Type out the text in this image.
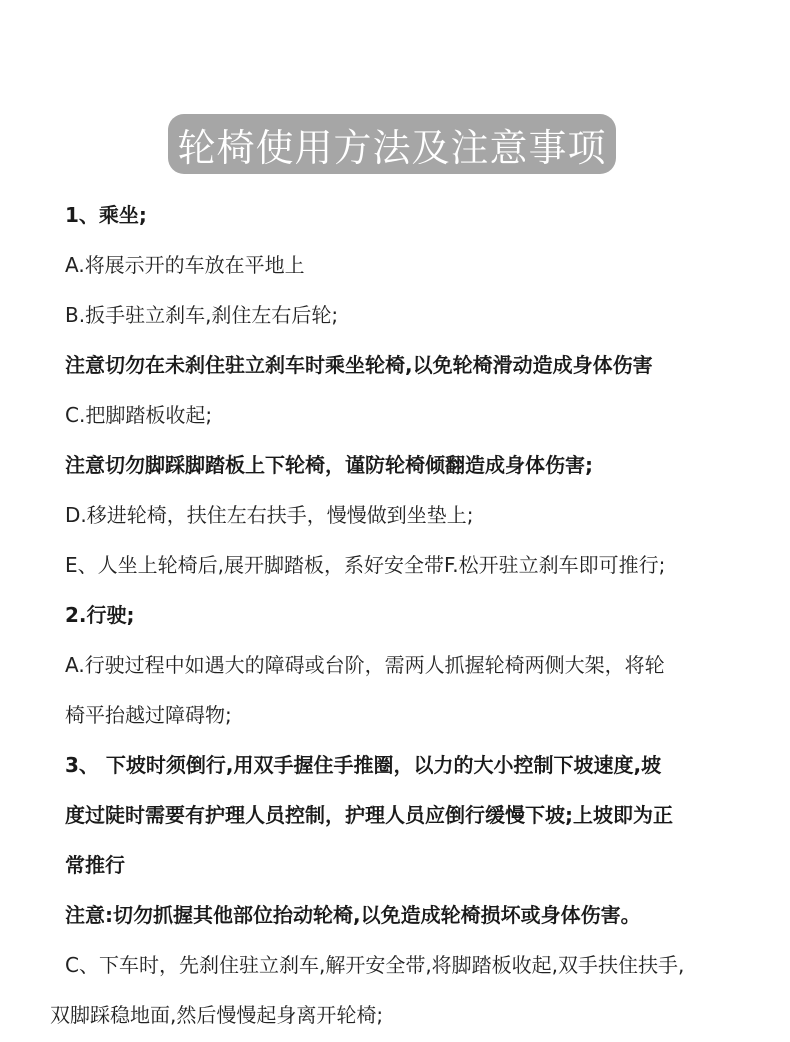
轮椅使用方法及注意事项
1、乘坐;
A.将展示开的车放在平地上
B.扳手驻立刹车,刹住左右后轮;
注意切勿在未刹住驻立刹车时乘坐轮椅,以免轮椅滑动造成身体伤害
C.把脚踏板收起;
注意切勿脚踩脚踏板上下轮椅，谨防轮椅倾翻造成身体伤害;
D.移进轮椅，扶住左右扶手，慢慢做到坐垫上;
E、人坐上轮椅后,展开脚踏板，系好安全带F.松开驻立刹车即可推行;
2.行驶;
A.行驶过程中如遇大的障碍或台阶，需两人抓握轮椅两侧大架，将轮
椅平抬越过障碍物;
3、 下坡时须倒行,用双手握住手推圈，以力的大小控制下坡速度,坡
度过陡时需要有护理人员控制，护理人员应倒行缓慢下坡;上坡即为正
常推行
注意:切勿抓握其他部位抬动轮椅,以免造成轮椅损坏或身体伤害。
C、下车时，先刹住驻立刹车,解开安全带,将脚踏板收起,双手扶住扶手,
双脚踩稳地面,然后慢慢起身离开轮椅;
